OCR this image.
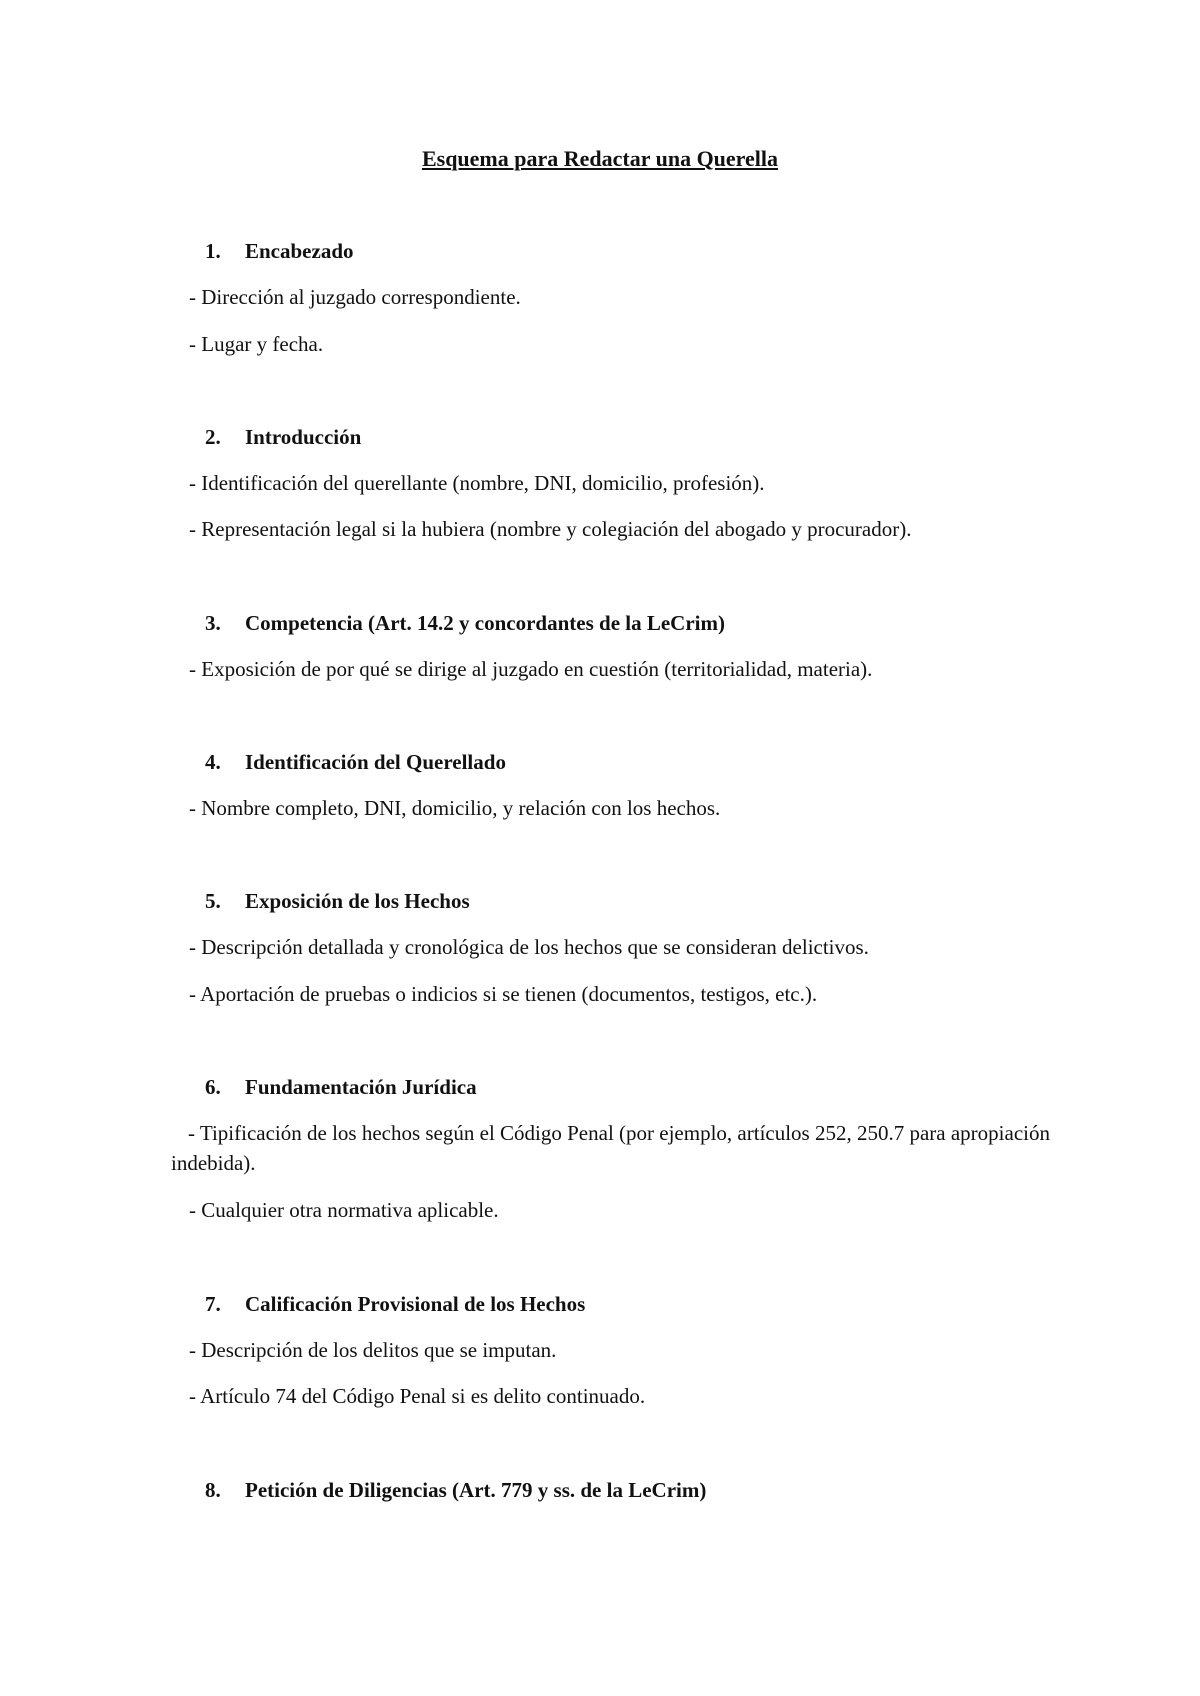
Esquema para Redactar una Querella
1. Encabezado
- Dirección al juzgado correspondiente.
- Lugar y fecha.
2. Introducción
- Identificación del querellante (nombre, DNI, domicilio, profesión).
- Representación legal si la hubiera (nombre y colegiación del abogado y procurador).
3. Competencia (Art. 14.2 y concordantes de la LeCrim)
- Exposición de por qué se dirige al juzgado en cuestión (territorialidad, materia).
4. Identificación del Querellado
- Nombre completo, DNI, domicilio, y relación con los hechos.
5. Exposición de los Hechos
- Descripción detallada y cronológica de los hechos que se consideran delictivos.
- Aportación de pruebas o indicios si se tienen (documentos, testigos, etc.).
6. Fundamentación Jurídica
- Tipificación de los hechos según el Código Penal (por ejemplo, artículos 252, 250.7 para apropiación indebida).
- Cualquier otra normativa aplicable.
7. Calificación Provisional de los Hechos
- Descripción de los delitos que se imputan.
- Artículo 74 del Código Penal si es delito continuado.
8. Petición de Diligencias (Art. 779 y ss. de la LeCrim)
